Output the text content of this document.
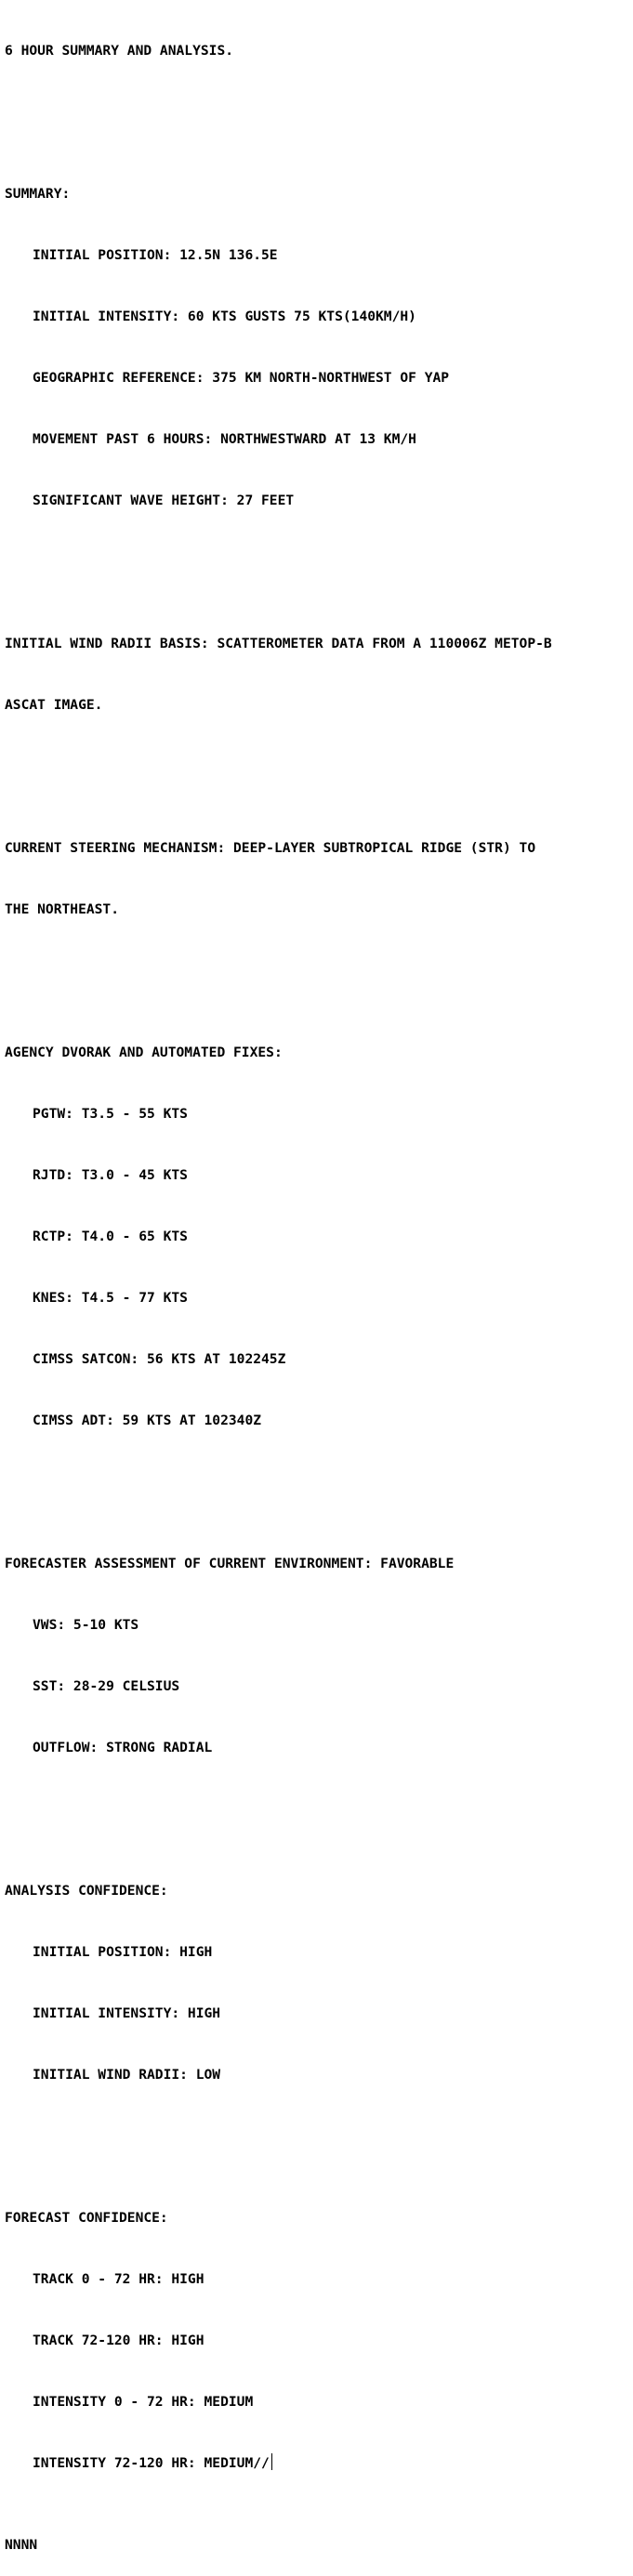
6 HOUR SUMMARY AND ANALYSIS.

SUMMARY:

INITIAL POSITION: 12.5N 136.5E

INITIAL INTENSITY: 60 KTS GUSTS 75 KTS(140KM/H)

GEOGRAPHIC REFERENCE: 375 KM NORTH-NORTHWEST OF YAP

MOVEMENT PAST 6 HOURS: NORTHWESTWARD AT 13 KM/H

SIGNIFICANT WAVE HEIGHT: 27 FEET

INITIAL WIND RADII BASIS: SCATTEROMETER DATA FROM A 110006Z METOP-B

ASCAT IMAGE.

CURRENT STEERING MECHANISM: DEEP-LAYER SUBTROPICAL RIDGE (STR) TO

THE NORTHEAST.

AGENCY DVORAK AND AUTOMATED FIXES:

PGTW: T3.5 - 55 KTS

RJTD: T3.0 - 45 KTS

RCTP: T4.0 - 65 KTS

KNES: T4.5 - 77 KTS

CIMSS SATCON: 56 KTS AT 102245Z

CIMSS ADT: 59 KTS AT 102340Z

FORECASTER ASSESSMENT OF CURRENT ENVIRONMENT: FAVORABLE

VWS: 5-10 KTS

SST: 28-29 CELSIUS

OUTFLOW: STRONG RADIAL

ANALYSIS CONFIDENCE:

INITIAL POSITION: HIGH

INITIAL INTENSITY: HIGH

INITIAL WIND RADII: LOW

FORECAST CONFIDENCE:

TRACK 0 - 72 HR: HIGH

TRACK 72-120 HR: HIGH

INTENSITY 0 - 72 HR: MEDIUM

INTENSITY 72-120 HR: MEDIUM//

NNNN
